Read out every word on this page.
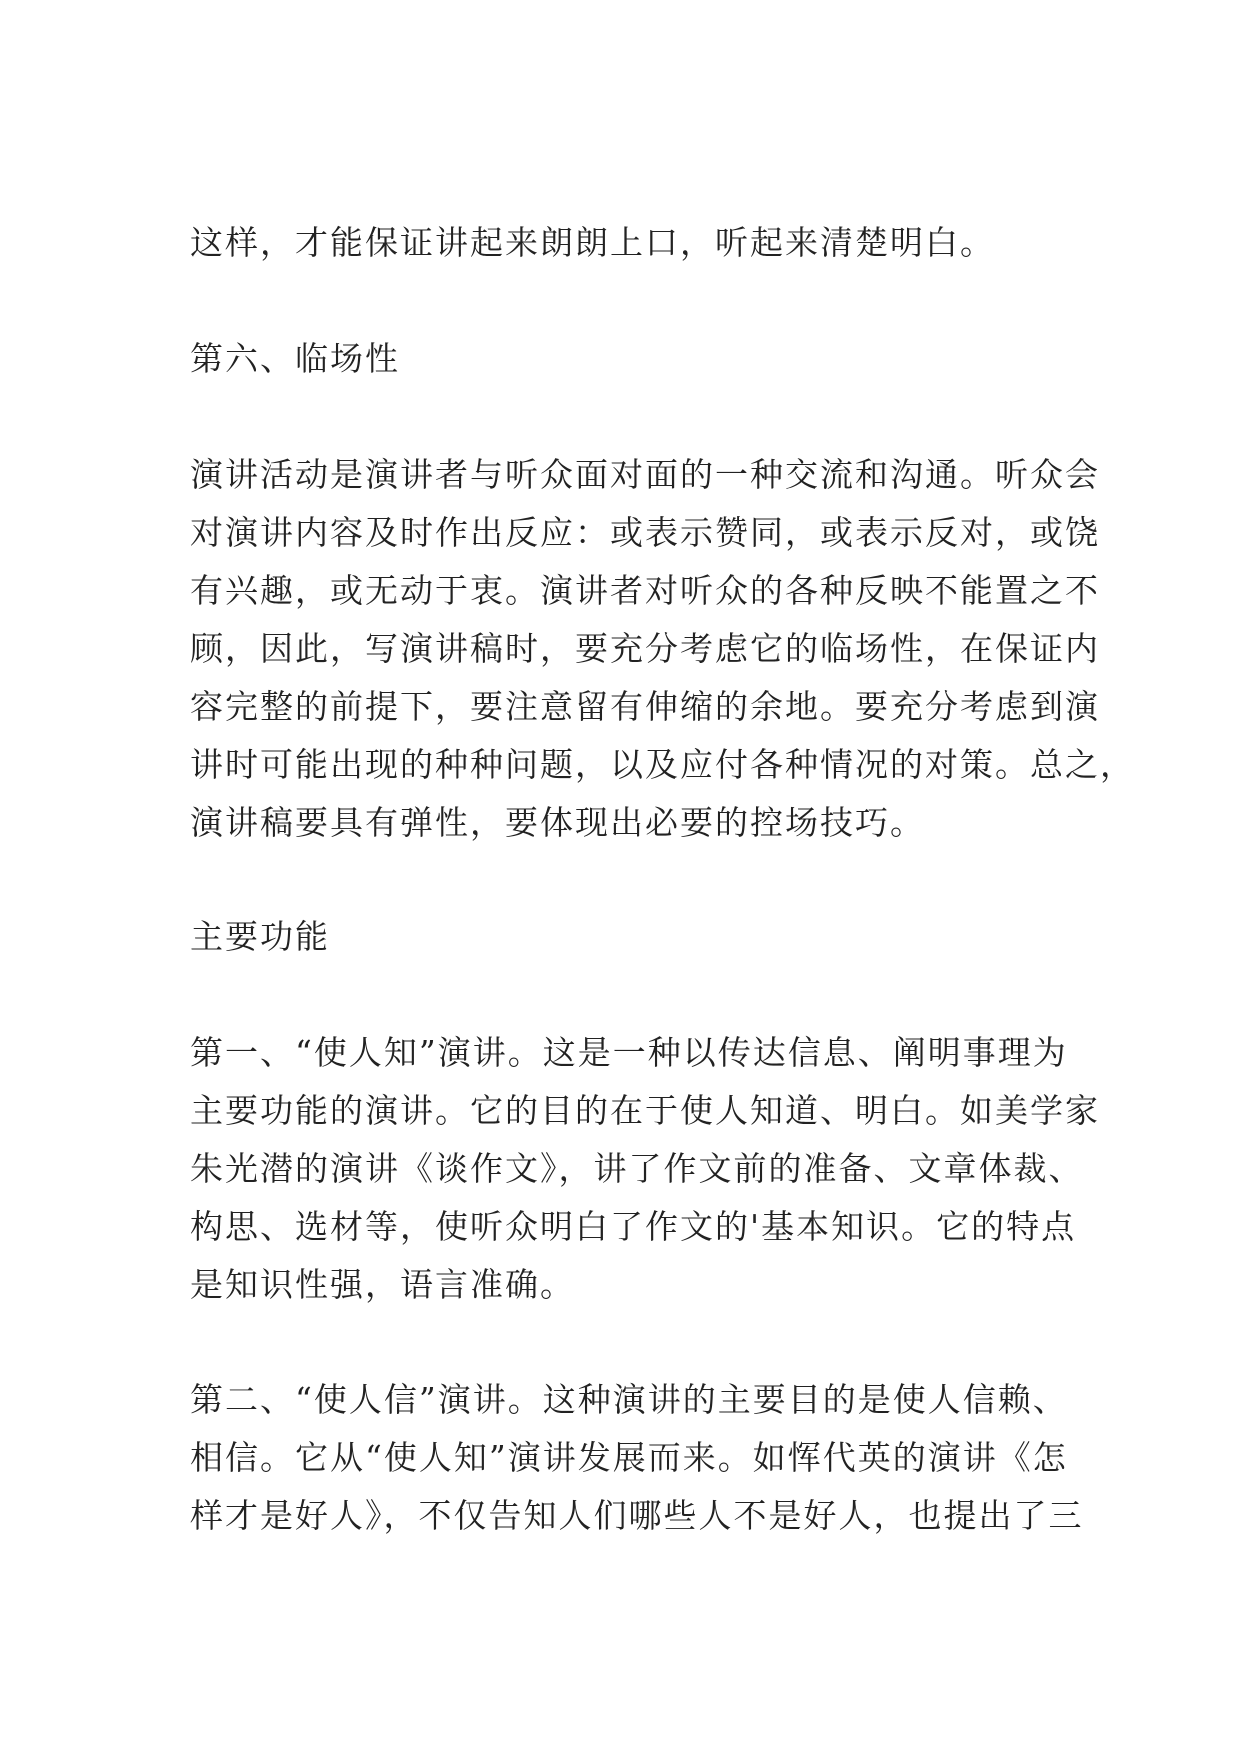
这样，才能保证讲起来朗朗上口，听起来清楚明白。
第六、临场性
演讲活动是演讲者与听众面对面的一种交流和沟通。听众会
对演讲内容及时作出反应：或表示赞同，或表示反对，或饶
有兴趣，或无动于衷。演讲者对听众的各种反映不能置之不
顾，因此，写演讲稿时，要充分考虑它的临场性，在保证内
容完整的前提下，要注意留有伸缩的余地。要充分考虑到演
讲时可能出现的种种问题，以及应付各种情况的对策。总之，
演讲稿要具有弹性，要体现出必要的控场技巧。
主要功能
第一、“使人知”演讲。这是一种以传达信息、阐明事理为
主要功能的演讲。它的目的在于使人知道、明白。如美学家
朱光潜的演讲《谈作文》，讲了作文前的准备、文章体裁、
构思、选材等，使听众明白了作文的'基本知识。它的特点
是知识性强，语言准确。
第二、“使人信”演讲。这种演讲的主要目的是使人信赖、
相信。它从“使人知”演讲发展而来。如恽代英的演讲《怎
样才是好人》，不仅告知人们哪些人不是好人，也提出了三
